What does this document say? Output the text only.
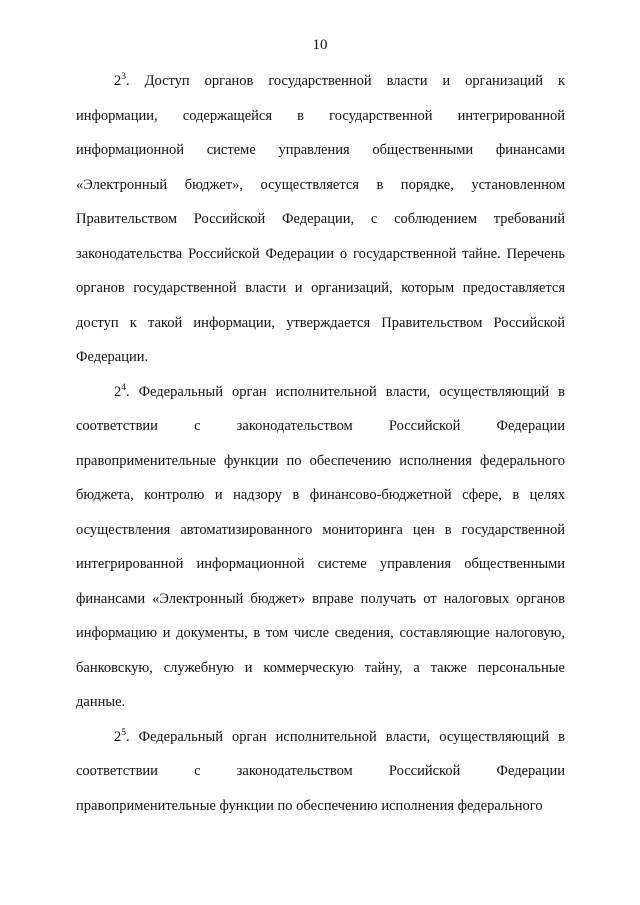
10

$2^3$. Доступ органов государственной власти и организаций к информации, содержащейся в государственной интегрированной информационной системе управления общественными финансами «Электронный бюджет», осуществляется в порядке, установленном Правительством Российской Федерации, с соблюдением требований законодательства Российской Федерации о государственной тайне. Перечень органов государственной власти и организаций, которым предоставляется доступ к такой информации, утверждается Правительством Российской Федерации.

$2^4$. Федеральный орган исполнительной власти, осуществляющий в соответствии с законодательством Российской Федерации правоприменительные функции по обеспечению исполнения федерального бюджета, контролю и надзору в финансово-бюджетной сфере, в целях осуществления автоматизированного мониторинга цен в государственной интегрированной информационной системе управления общественными финансами «Электронный бюджет» вправе получать от налоговых органов информацию и документы, в том числе сведения, составляющие налоговую, банковскую, служебную и коммерческую тайну, а также персональные данные.

$2^5$. Федеральный орган исполнительной власти, осуществляющий в соответствии с законодательством Российской Федерации правоприменительные функции по обеспечению исполнения федерального
